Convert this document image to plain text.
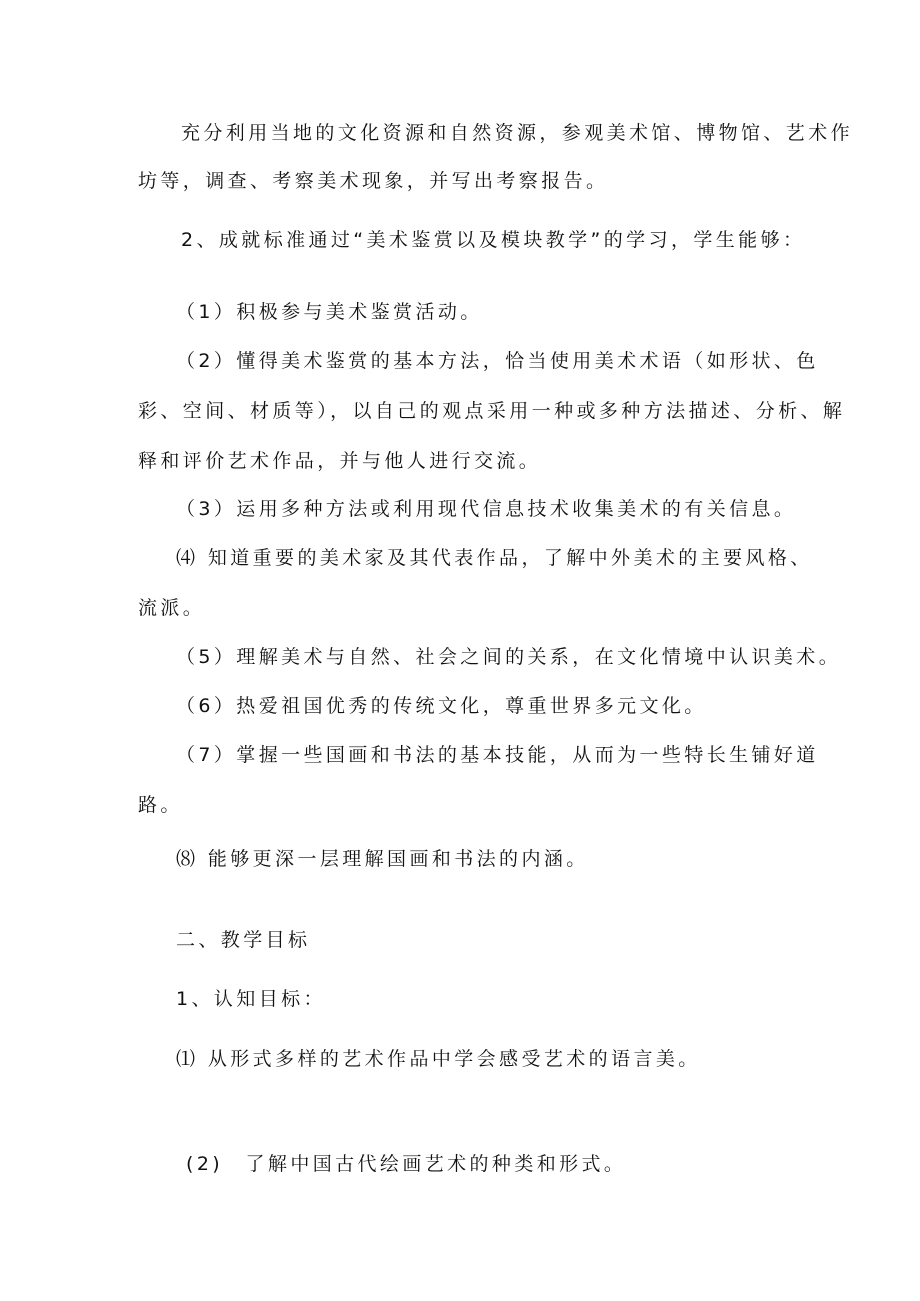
充分利用当地的文化资源和自然资源，参观美术馆、博物馆、艺术作
坊等，调查、考察美术现象，并写出考察报告。
2、成就标准通过“美术鉴赏以及模块教学”的学习，学生能够：
（1）积极参与美术鉴赏活动。
（2）懂得美术鉴赏的基本方法，恰当使用美术术语（如形状、色
彩、空间、材质等），以自己的观点采用一种或多种方法描述、分析、解
释和评价艺术作品，并与他人进行交流。
（3）运用多种方法或利用现代信息技术收集美术的有关信息。
⑷ 知道重要的美术家及其代表作品，了解中外美术的主要风格、
流派。
（5）理解美术与自然、社会之间的关系，在文化情境中认识美术。
（6）热爱祖国优秀的传统文化，尊重世界多元文化。
（7）掌握一些国画和书法的基本技能，从而为一些特长生铺好道
路。
⑻ 能够更深一层理解国画和书法的内涵。
二、教学目标
1、认知目标：
⑴ 从形式多样的艺术作品中学会感受艺术的语言美。
(2)　了解中国古代绘画艺术的种类和形式。
